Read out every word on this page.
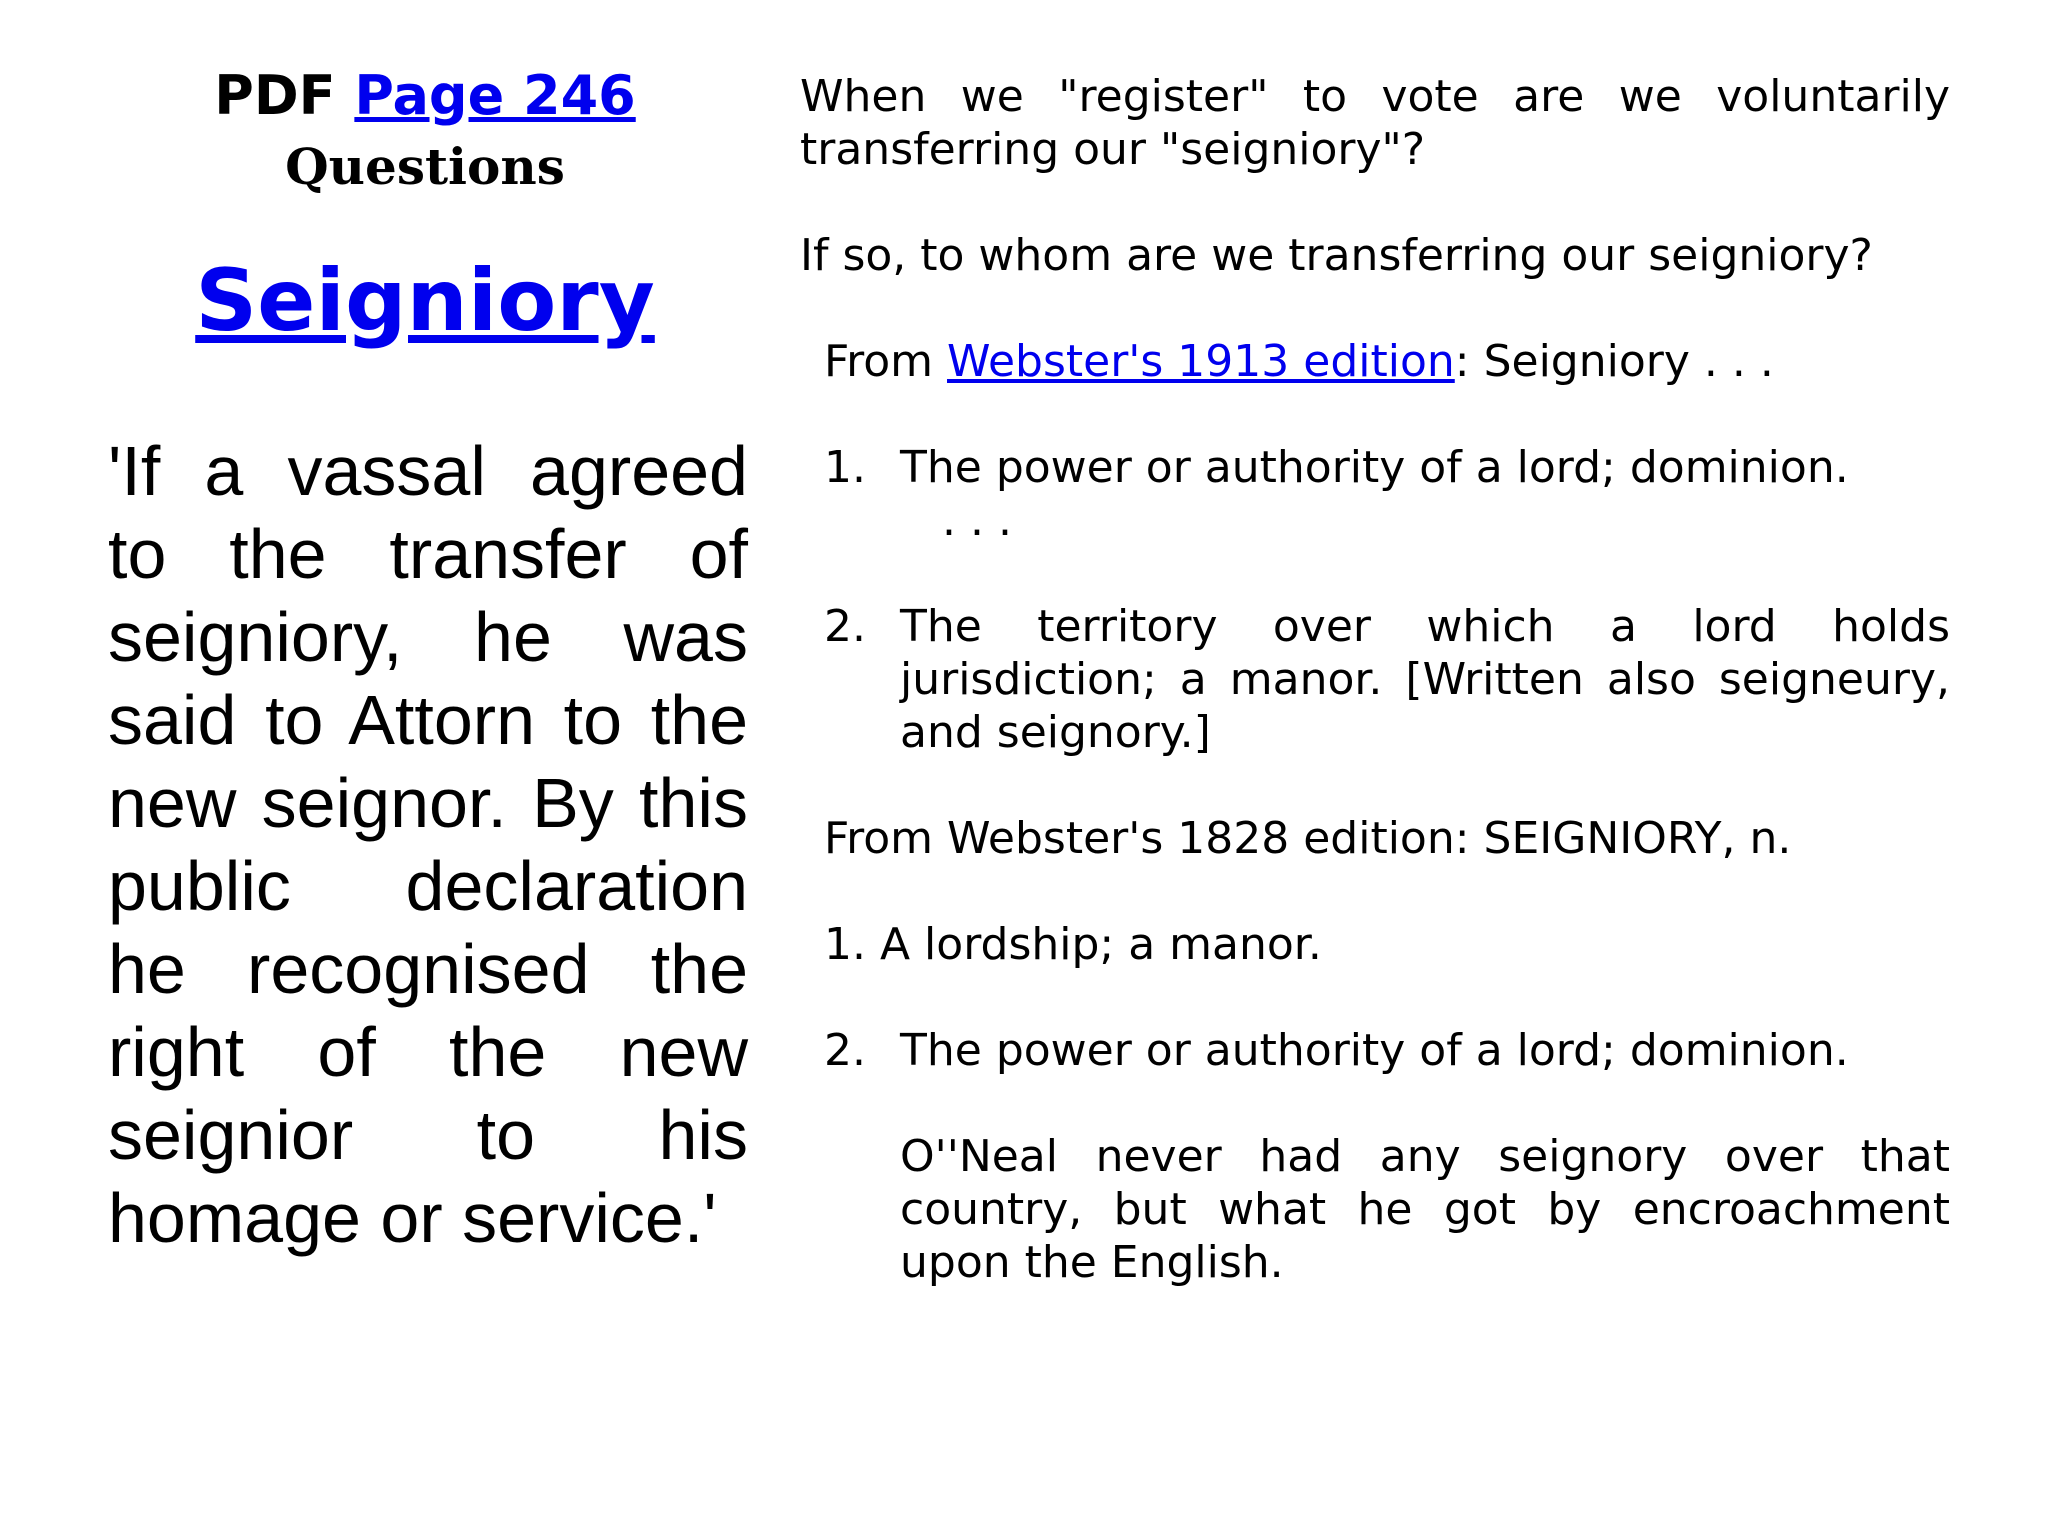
PDF Page 246

Questions

Seigniory

'If a vassal agreed to the transfer of seigniory, he was said to Attorn to the new seignor. By this public declaration he recognised the right of the new seignior to his homage or service.'

When we "register" to vote are we voluntarily transferring our "seigniory"?

If so, to whom are we transferring our seigniory?

From Webster's 1913 edition: Seigniory . . .

1. The power or authority of a lord; dominion.

. . .

2. The territory over which a lord holds jurisdiction; a manor. [Written also seigneury, and seignory.]

From Webster's 1828 edition: SEIGNIORY, n.

1. A lordship; a manor.

2. The power or authority of a lord; dominion.

O''Neal never had any seignory over that country, but what he got by encroachment upon the English.
